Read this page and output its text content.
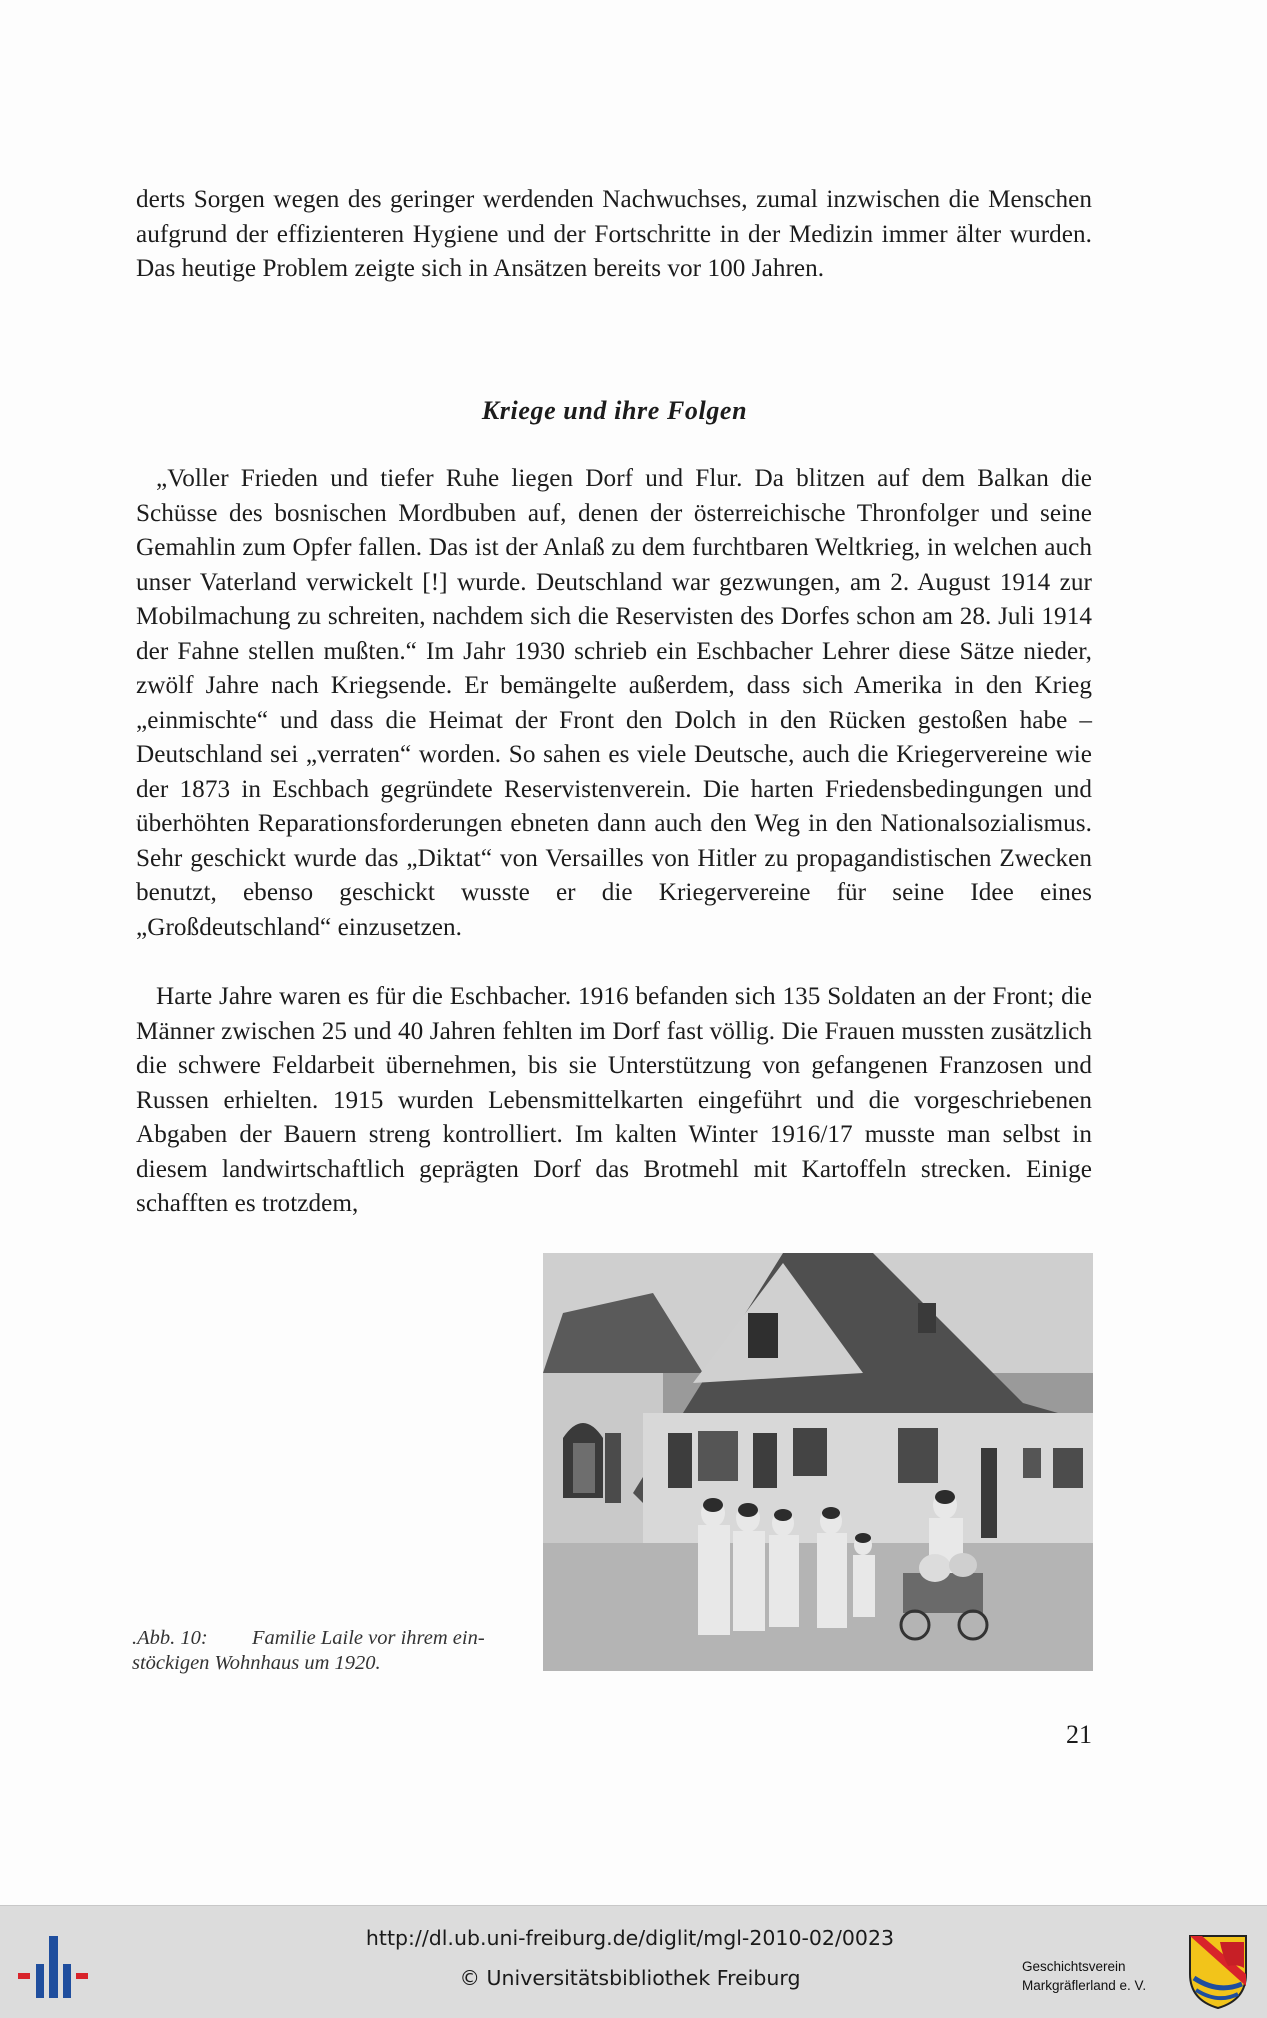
derts Sorgen wegen des geringer werdenden Nachwuchses, zumal inzwischen die Menschen aufgrund der effizienteren Hygiene und der Fortschritte in der Medizin immer älter wurden. Das heutige Problem zeigte sich in Ansätzen bereits vor 100 Jahren.

Kriege und ihre Folgen

„Voller Frieden und tiefer Ruhe liegen Dorf und Flur. Da blitzen auf dem Balkan die Schüsse des bosnischen Mordbuben auf, denen der österreichische Thronfolger und seine Gemahlin zum Opfer fallen. Das ist der Anlaß zu dem furchtbaren Weltkrieg, in welchen auch unser Vaterland verwickelt [!] wurde. Deutschland war gezwungen, am 2. August 1914 zur Mobilmachung zu schreiten, nachdem sich die Reservisten des Dorfes schon am 28. Juli 1914 der Fahne stellen mußten.“ Im Jahr 1930 schrieb ein Eschbacher Lehrer diese Sätze nieder, zwölf Jahre nach Kriegsende. Er bemängelte außerdem, dass sich Amerika in den Krieg „einmischte“ und dass die Heimat der Front den Dolch in den Rücken gestoßen habe – Deutschland sei „verraten“ worden. So sahen es viele Deutsche, auch die Kriegervereine wie der 1873 in Eschbach gegründete Reservistenverein. Die harten Friedensbedingungen und überhöhten Reparationsforderungen ebneten dann auch den Weg in den Nationalsozialismus. Sehr geschickt wurde das „Diktat“ von Versailles von Hitler zu propagandistischen Zwecken benutzt, ebenso geschickt wusste er die Kriegervereine für seine Idee eines „Großdeutschland“ einzusetzen.

Harte Jahre waren es für die Eschbacher. 1916 befanden sich 135 Soldaten an der Front; die Männer zwischen 25 und 40 Jahren fehlten im Dorf fast völlig. Die Frauen mussten zusätzlich die schwere Feldarbeit übernehmen, bis sie Unterstützung von gefangenen Franzosen und Russen erhielten. 1915 wurden Lebensmittelkarten eingeführt und die vorgeschriebenen Abgaben der Bauern streng kontrolliert. Im kalten Winter 1916/17 musste man selbst in diesem landwirtschaftlich geprägten Dorf das Brotmehl mit Kartoffeln strecken. Einige schafften es trotzdem,

.Abb. 10: Familie Laile vor ihrem ein-
stöckigen Wohnhaus um 1920.
21
http://dl.ub.uni-freiburg.de/diglit/mgl-2010-02/0023
© Universitätsbibliothek Freiburg	Geschichtsverein
Markgräflerland e. V.
